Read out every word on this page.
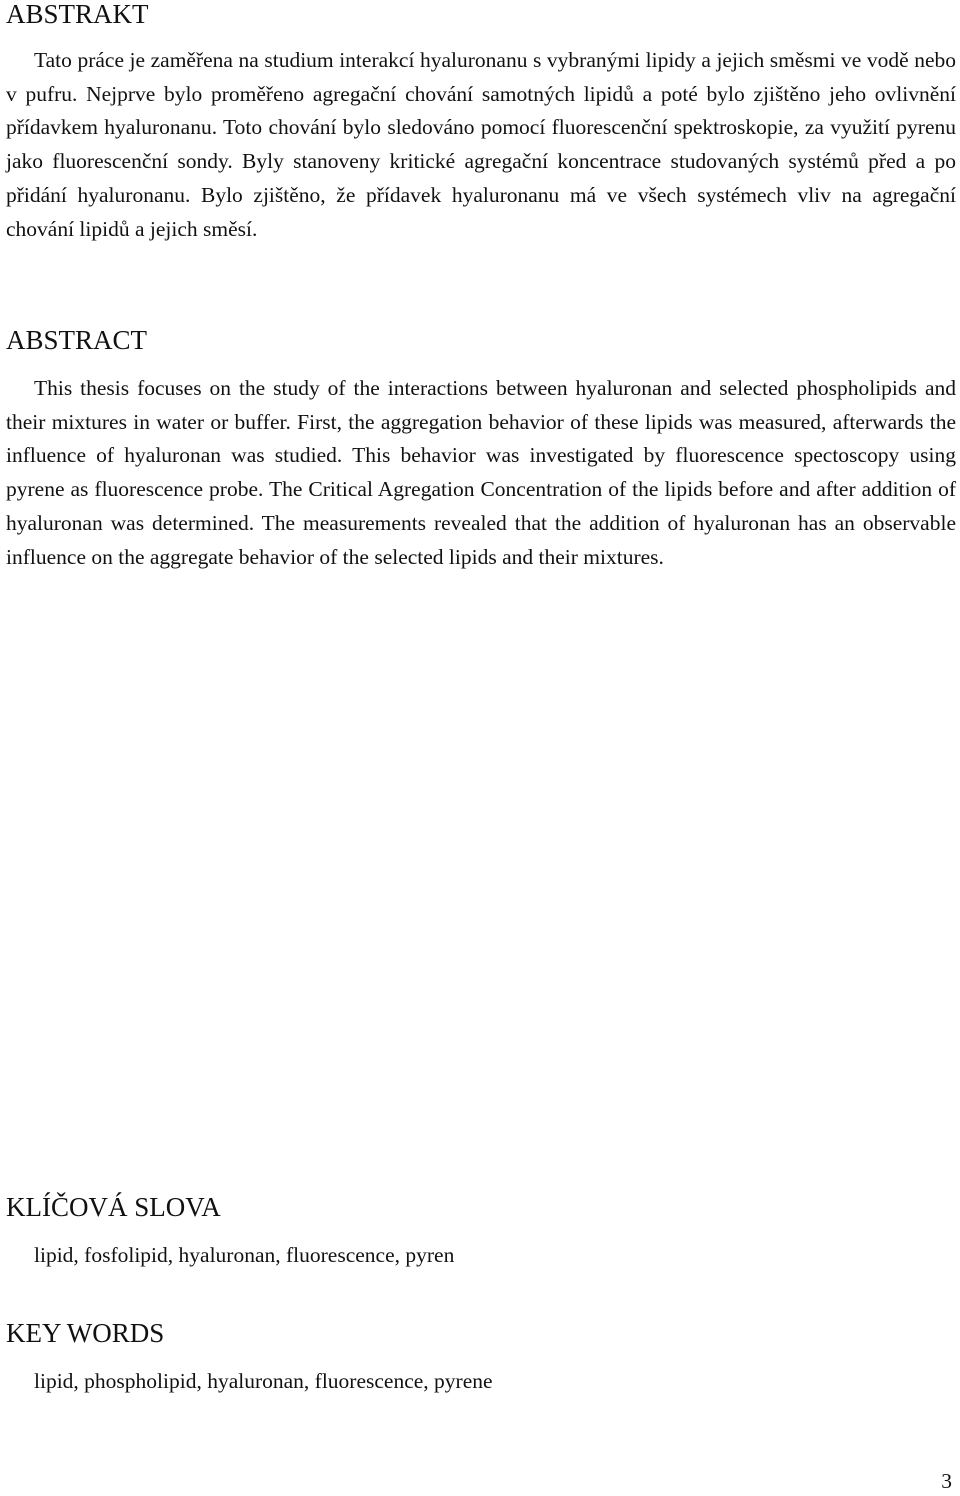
ABSTRAKT

Tato práce je zaměřena na studium interakcí hyaluronanu s vybranými lipidy a jejich směsmi ve vodě nebo v pufru. Nejprve bylo proměřeno agregační chování samotných lipidů a poté bylo zjištěno jeho ovlivnění přídavkem hyaluronanu. Toto chování bylo sledováno pomocí fluorescenční spektroskopie, za využití pyrenu jako fluorescenční sondy. Byly stanoveny kritické agregační koncentrace studovaných systémů před a po přidání hyaluronanu. Bylo zjištěno, že přídavek hyaluronanu má ve všech systémech vliv na agregační chování lipidů a jejich směsí.

ABSTRACT

This thesis focuses on the study of the interactions between hyaluronan and selected phospholipids and their mixtures in water or buffer. First, the aggregation behavior of these lipids was measured, afterwards the influence of hyaluronan was studied. This behavior was investigated by fluorescence spectoscopy using pyrene as fluorescence probe. The Critical Agregation Concentration of the lipids before and after addition of hyaluronan was determined. The measurements revealed that the addition of hyaluronan has an observable influence on the aggregate behavior of the selected lipids and their mixtures.

KLÍČOVÁ SLOVA

lipid, fosfolipid, hyaluronan, fluorescence, pyren

KEY WORDS

lipid, phospholipid, hyaluronan, fluorescence, pyrene

3
